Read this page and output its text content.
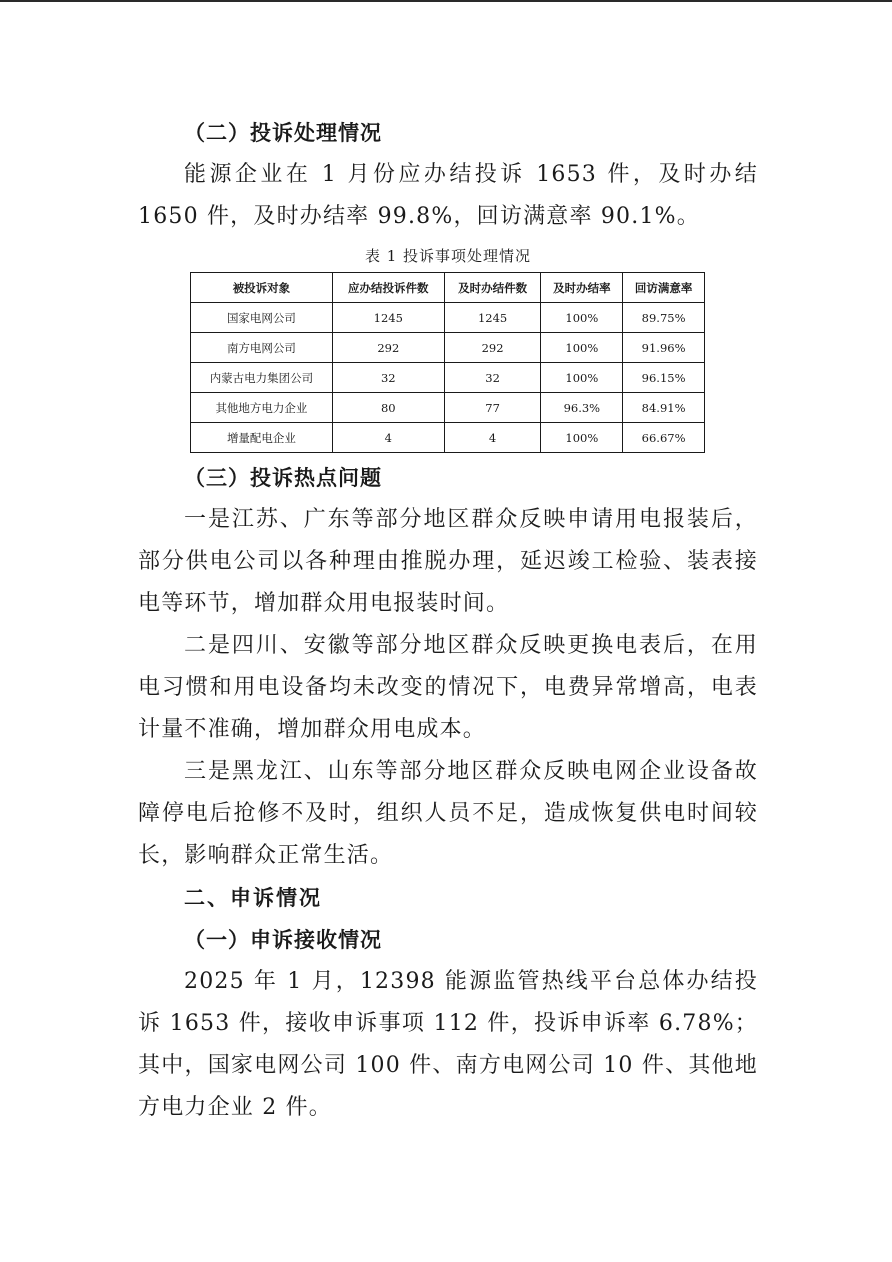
（二）投诉处理情况

能源企业在 1 月份应办结投诉 1653 件，及时办结 1650 件，及时办结率 99.8%，回访满意率 90.1%。

表 1 投诉事项处理情况
被投诉对象	应办结投诉件数	及时办结件数	及时办结率	回访满意率
国家电网公司	1245	1245	100%	89.75%
南方电网公司	292	292	100%	91.96%
内蒙古电力集团公司	32	32	100%	96.15%
其他地方电力企业	80	77	96.3%	84.91%
增量配电企业	4	4	100%	66.67%

（三）投诉热点问题

一是江苏、广东等部分地区群众反映申请用电报装后，部分供电公司以各种理由推脱办理，延迟竣工检验、装表接电等环节，增加群众用电报装时间。

二是四川、安徽等部分地区群众反映更换电表后，在用电习惯和用电设备均未改变的情况下，电费异常增高，电表计量不准确，增加群众用电成本。

三是黑龙江、山东等部分地区群众反映电网企业设备故障停电后抢修不及时，组织人员不足，造成恢复供电时间较长，影响群众正常生活。

二、申诉情况

（一）申诉接收情况

2025 年 1 月，12398 能源监管热线平台总体办结投诉 1653 件，接收申诉事项 112 件，投诉申诉率 6.78%；其中，国家电网公司 100 件、南方电网公司 10 件、其他地方电力企业 2 件。
